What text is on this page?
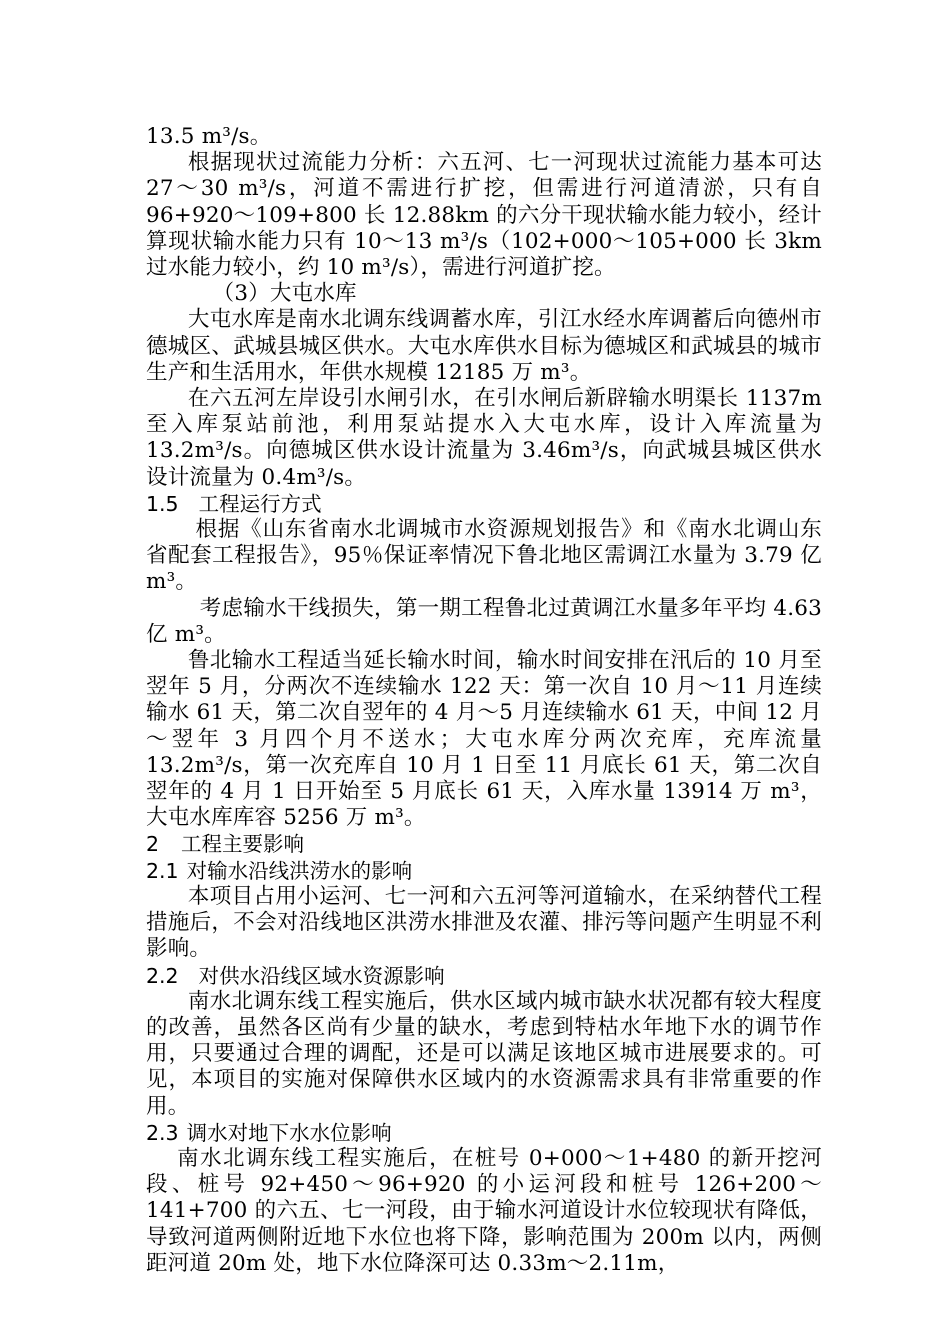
13.5 m³/s。

根据现状过流能力分析：六五河、七一河现状过流能力基本可达 27～30 m³/s，河道不需进行扩挖，但需进行河道清淤，只有自 96+920～109+800 长 12.88km 的六分干现状输水能力较小，经计算现状输水能力只有 10～13 m³/s（102+000～105+000 长 3km 过水能力较小，约 10 m³/s），需进行河道扩挖。

（3）大屯水库

大屯水库是南水北调东线调蓄水库，引江水经水库调蓄后向德州市德城区、武城县城区供水。大屯水库供水目标为德城区和武城县的城市生产和生活用水，年供水规模 12185 万 m³。

在六五河左岸设引水闸引水，在引水闸后新辟输水明渠长 1137m 至入库泵站前池，利用泵站提水入大屯水库，设计入库流量为 13.2m³/s。向德城区供水设计流量为 3.46m³/s，向武城县城区供水设计流量为 0.4m³/s。

1.5 工程运行方式

根据《山东省南水北调城市水资源规划报告》和《南水北调山东省配套工程报告》，95％保证率情况下鲁北地区需调江水量为 3.79 亿 m³。

考虑输水干线损失，第一期工程鲁北过黄调江水量多年平均 4.63 亿 m³。

鲁北输水工程适当延长输水时间，输水时间安排在汛后的 10 月至翌年 5 月，分两次不连续输水 122 天：第一次自 10 月～11 月连续输水 61 天，第二次自翌年的 4 月～5 月连续输水 61 天，中间 12 月～翌年 3 月四个月不送水；大屯水库分两次充库，充库流量 13.2m³/s，第一次充库自 10 月 1 日至 11 月底长 61 天，第二次自翌年的 4 月 1 日开始至 5 月底长 61 天，入库水量 13914 万 m³，大屯水库库容 5256 万 m³。

2 工程主要影响
2.1 对输水沿线洪涝水的影响

本项目占用小运河、七一河和六五河等河道输水，在采纳替代工程措施后，不会对沿线地区洪涝水排泄及农灌、排污等问题产生明显不利影响。

2.2 对供水沿线区域水资源影响

南水北调东线工程实施后，供水区域内城市缺水状况都有较大程度的改善，虽然各区尚有少量的缺水，考虑到特枯水年地下水的调节作用，只要通过合理的调配，还是可以满足该地区城市进展要求的。可见，本项目的实施对保障供水区域内的水资源需求具有非常重要的作用。

2.3 调水对地下水水位影响

南水北调东线工程实施后，在桩号 0+000～1+480 的新开挖河段、桩号 92+450～96+920 的小运河段和桩号 126+200～141+700 的六五、七一河段，由于输水河道设计水位较现状有降低，导致河道两侧附近地下水位也将下降，影响范围为 200m 以内，两侧距河道 20m 处，地下水位降深可达 0.33m～2.11m，
